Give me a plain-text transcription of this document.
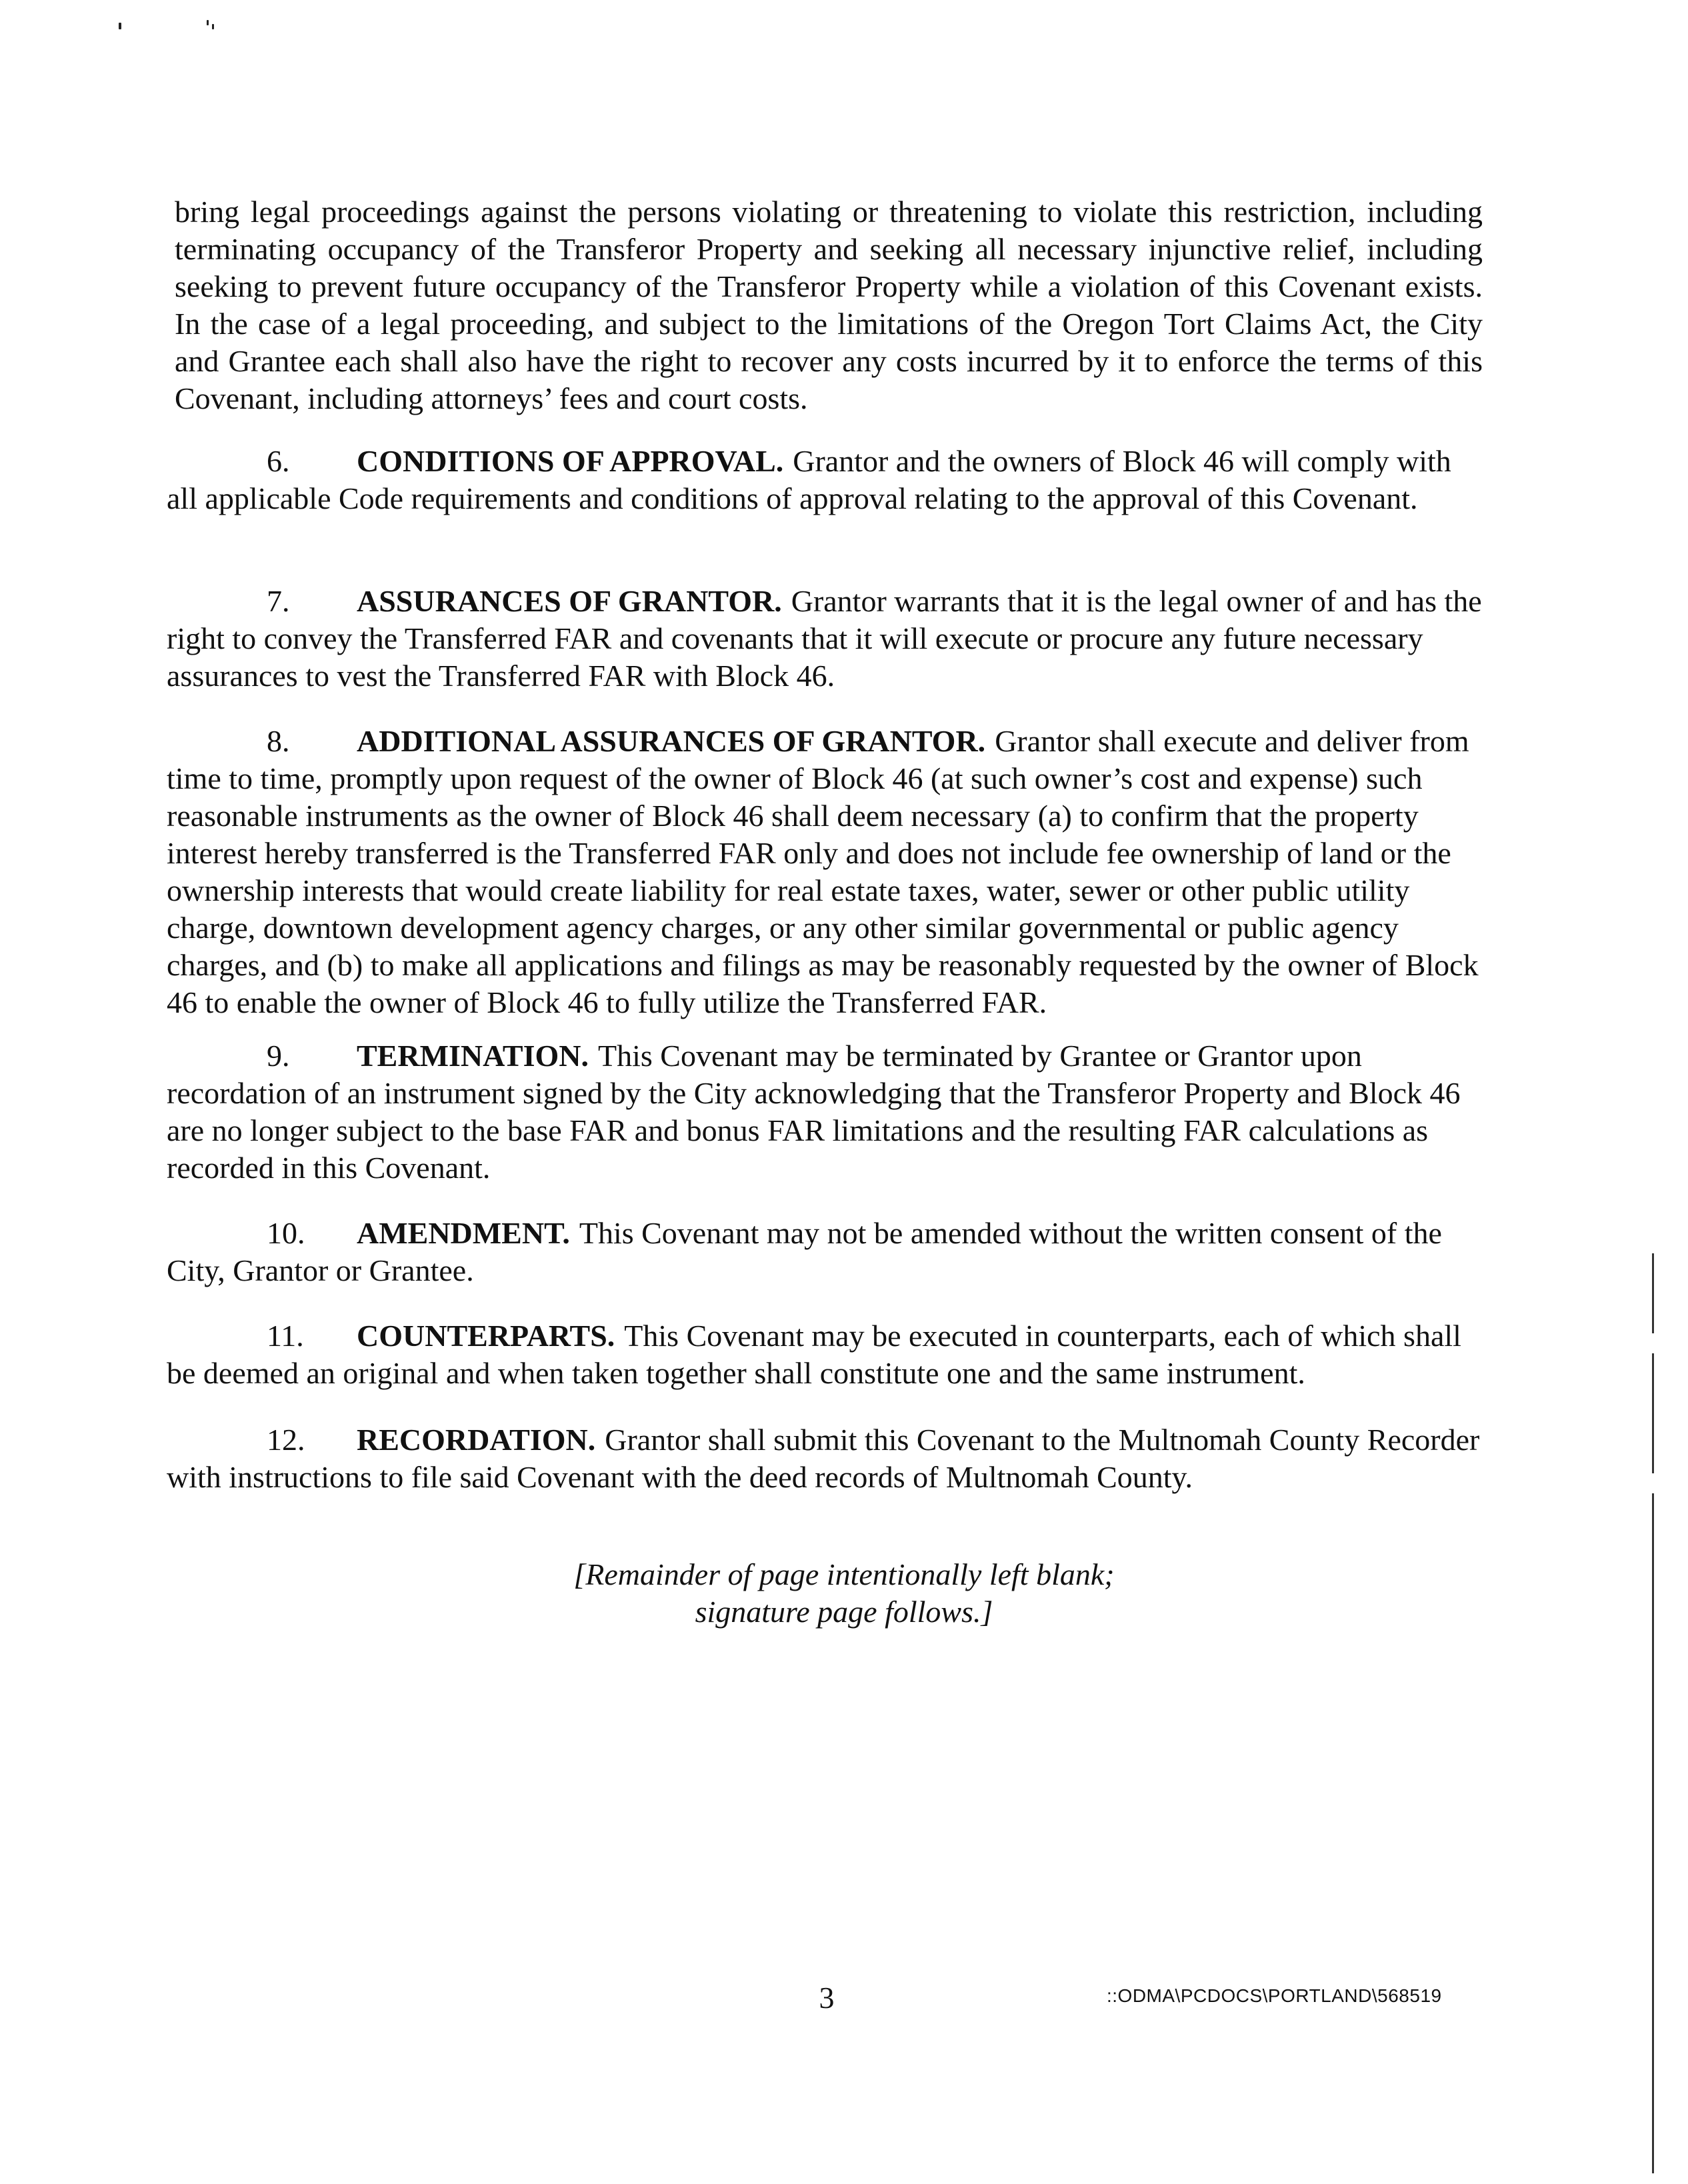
bring legal proceedings against the persons violating or threatening to violate this restriction, including terminating occupancy of the Transferor Property and seeking all necessary injunctive relief, including seeking to prevent future occupancy of the Transferor Property while a violation of this Covenant exists. In the case of a legal proceeding, and subject to the limitations of the Oregon Tort Claims Act, the City and Grantee each shall also have the right to recover any costs incurred by it to enforce the terms of this Covenant, including attorneys’ fees and court costs.

6. CONDITIONS OF APPROVAL. Grantor and the owners of Block 46 will comply with all applicable Code requirements and conditions of approval relating to the approval of this Covenant.

7. ASSURANCES OF GRANTOR. Grantor warrants that it is the legal owner of and has the right to convey the Transferred FAR and covenants that it will execute or procure any future necessary assurances to vest the Transferred FAR with Block 46.

8. ADDITIONAL ASSURANCES OF GRANTOR. Grantor shall execute and deliver from time to time, promptly upon request of the owner of Block 46 (at such owner’s cost and expense) such reasonable instruments as the owner of Block 46 shall deem necessary (a) to confirm that the property interest hereby transferred is the Transferred FAR only and does not include fee ownership of land or the ownership interests that would create liability for real estate taxes, water, sewer or other public utility charge, downtown development agency charges, or any other similar governmental or public agency charges, and (b) to make all applications and filings as may be reasonably requested by the owner of Block 46 to enable the owner of Block 46 to fully utilize the Transferred FAR.

9. TERMINATION. This Covenant may be terminated by Grantee or Grantor upon recordation of an instrument signed by the City acknowledging that the Transferor Property and Block 46 are no longer subject to the base FAR and bonus FAR limitations and the resulting FAR calculations as recorded in this Covenant.

10. AMENDMENT. This Covenant may not be amended without the written consent of the City, Grantor or Grantee.

11. COUNTERPARTS. This Covenant may be executed in counterparts, each of which shall be deemed an original and when taken together shall constitute one and the same instrument.

12. RECORDATION. Grantor shall submit this Covenant to the Multnomah County Recorder with instructions to file said Covenant with the deed records of Multnomah County.

[Remainder of page intentionally left blank;
signature page follows.]
3	::ODMA\PCDOCS\PORTLAND\568519
